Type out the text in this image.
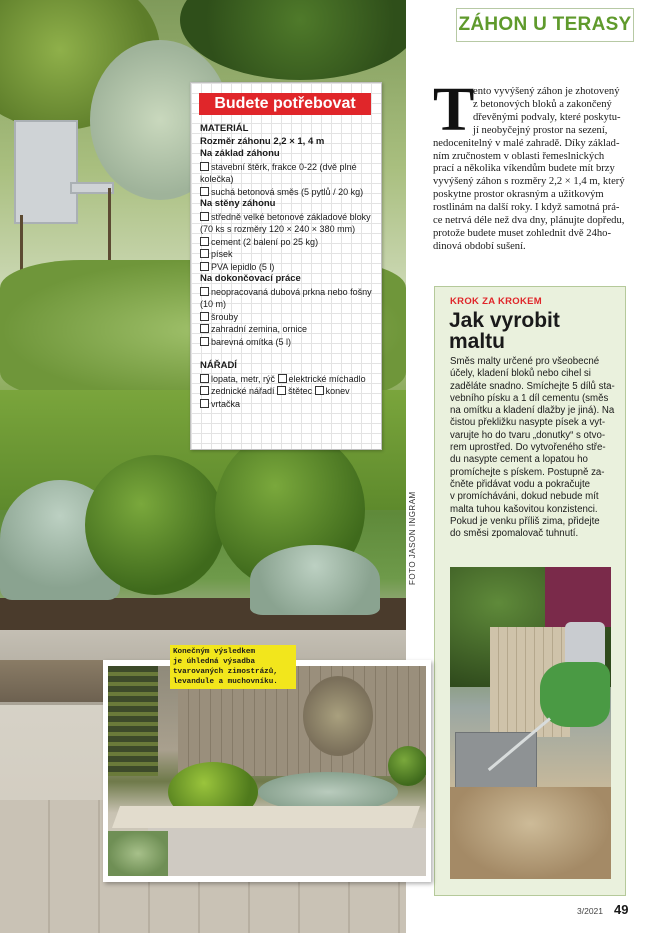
FOTO JASON INGRAM
ZÁHON U TERASY
Budete potřebovat
MATERIÁL
Rozměr záhonu 2,2 × 1, 4 m
Na základ záhonu
stavební štěrk, frakce 0-22 (dvě plné
kolečka)
suchá betonová směs (5 pytlů / 20 kg)
Na stěny záhonu
středně velké betonové základové bloky
(70 ks s rozměry 120 × 240 × 380 mm)
cement (2 balení po 25 kg)
písek
PVA lepidlo (5 l)
Na dokončovací práce
neopracovaná dubová prkna nebo fošny
(10 m)
šrouby
zahradní zemina, ornice
barevná omítka (5 l)
NÁŘADÍ
lopata, metr, rýč elektrické míchadlo
zednické nářadí štětec konev
vrtačka
T
ento vyvýšený záhon je zhotovený
z betonových bloků a zakončený
dřevěnými podvaly, které poskytu-
jí neobyčejný prostor na sezení,
nedocenitelný v malé zahradě. Díky základ-
ním zručnostem v oblasti řemeslnických
prací a několika víkendům budete mít brzy
vyvýšený záhon s rozměry 2,2 × 1,4 m, který
poskytne prostor okrasným a užitkovým
rostlinám na další roky. I když samotná prá-
ce netrvá déle než dva dny, plánujte dopředu,
protože budete muset zohlednit dvě 24ho-
dinová období sušení.
KROK ZA KROKEM
Jak vyrobit
maltu
Směs malty určené pro všeobecné
účely, kladení bloků nebo cihel si
zaděláte snadno. Smíchejte 5 dílů sta-
vebního písku a 1 díl cementu (směs
na omítku a kladení dlažby je jiná). Na
čistou překližku nasypte písek a vyt-
varujte ho do tvaru „donutky“ s otvo-
rem uprostřed. Do vytvořeného stře-
du nasypte cement a lopatou ho
promíchejte s pískem. Postupně za-
čněte přidávat vodu a pokračujte
v promícháváni, dokud nebude mít
malta tuhou kašovitou konzistenci.
Pokud je venku příliš zima, přidejte
do směsi zpomalovač tuhnutí.
Konečným výsledkem
je úhledná výsadba
tvarovaných zimostrázů,
levandule a muchovníku.
3/2021 49
